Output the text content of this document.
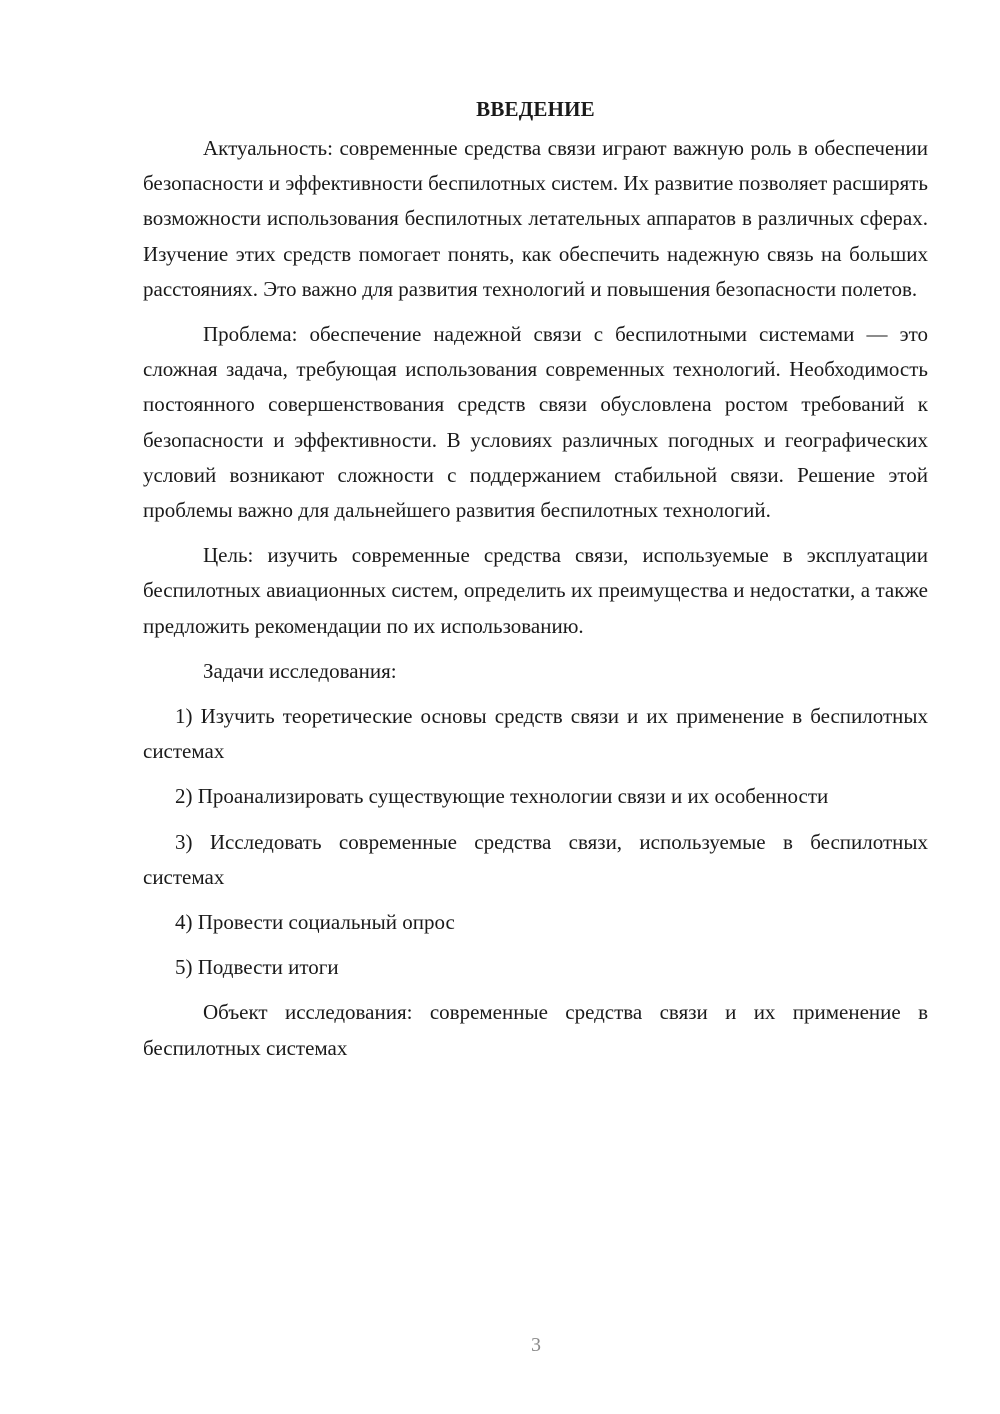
ВВЕДЕНИЕ

Актуальность: современные средства связи играют важную роль в обеспечении безопасности и эффективности беспилотных систем. Их развитие позволяет расширять возможности использования беспилотных летательных аппаратов в различных сферах. Изучение этих средств помогает понять, как обеспечить надежную связь на больших расстояниях. Это важно для развития технологий и повышения безопасности полетов.

Проблема: обеспечение надежной связи с беспилотными системами — это сложная задача, требующая использования современных технологий. Необходимость постоянного совершенствования средств связи обусловлена ростом требований к безопасности и эффективности. В условиях различных погодных и географических условий возникают сложности с поддержанием стабильной связи. Решение этой проблемы важно для дальнейшего развития беспилотных технологий.

Цель: изучить современные средства связи, используемые в эксплуатации беспилотных авиационных систем, определить их преимущества и недостатки, а также предложить рекомендации по их использованию.

Задачи исследования:

1) Изучить теоретические основы средств связи и их применение в беспилотных системах

2) Проанализировать существующие технологии связи и их особенности

3) Исследовать современные средства связи, используемые в беспилотных системах

4) Провести социальный опрос

5) Подвести итоги

Объект исследования: современные средства связи и их применение в беспилотных системах

3
